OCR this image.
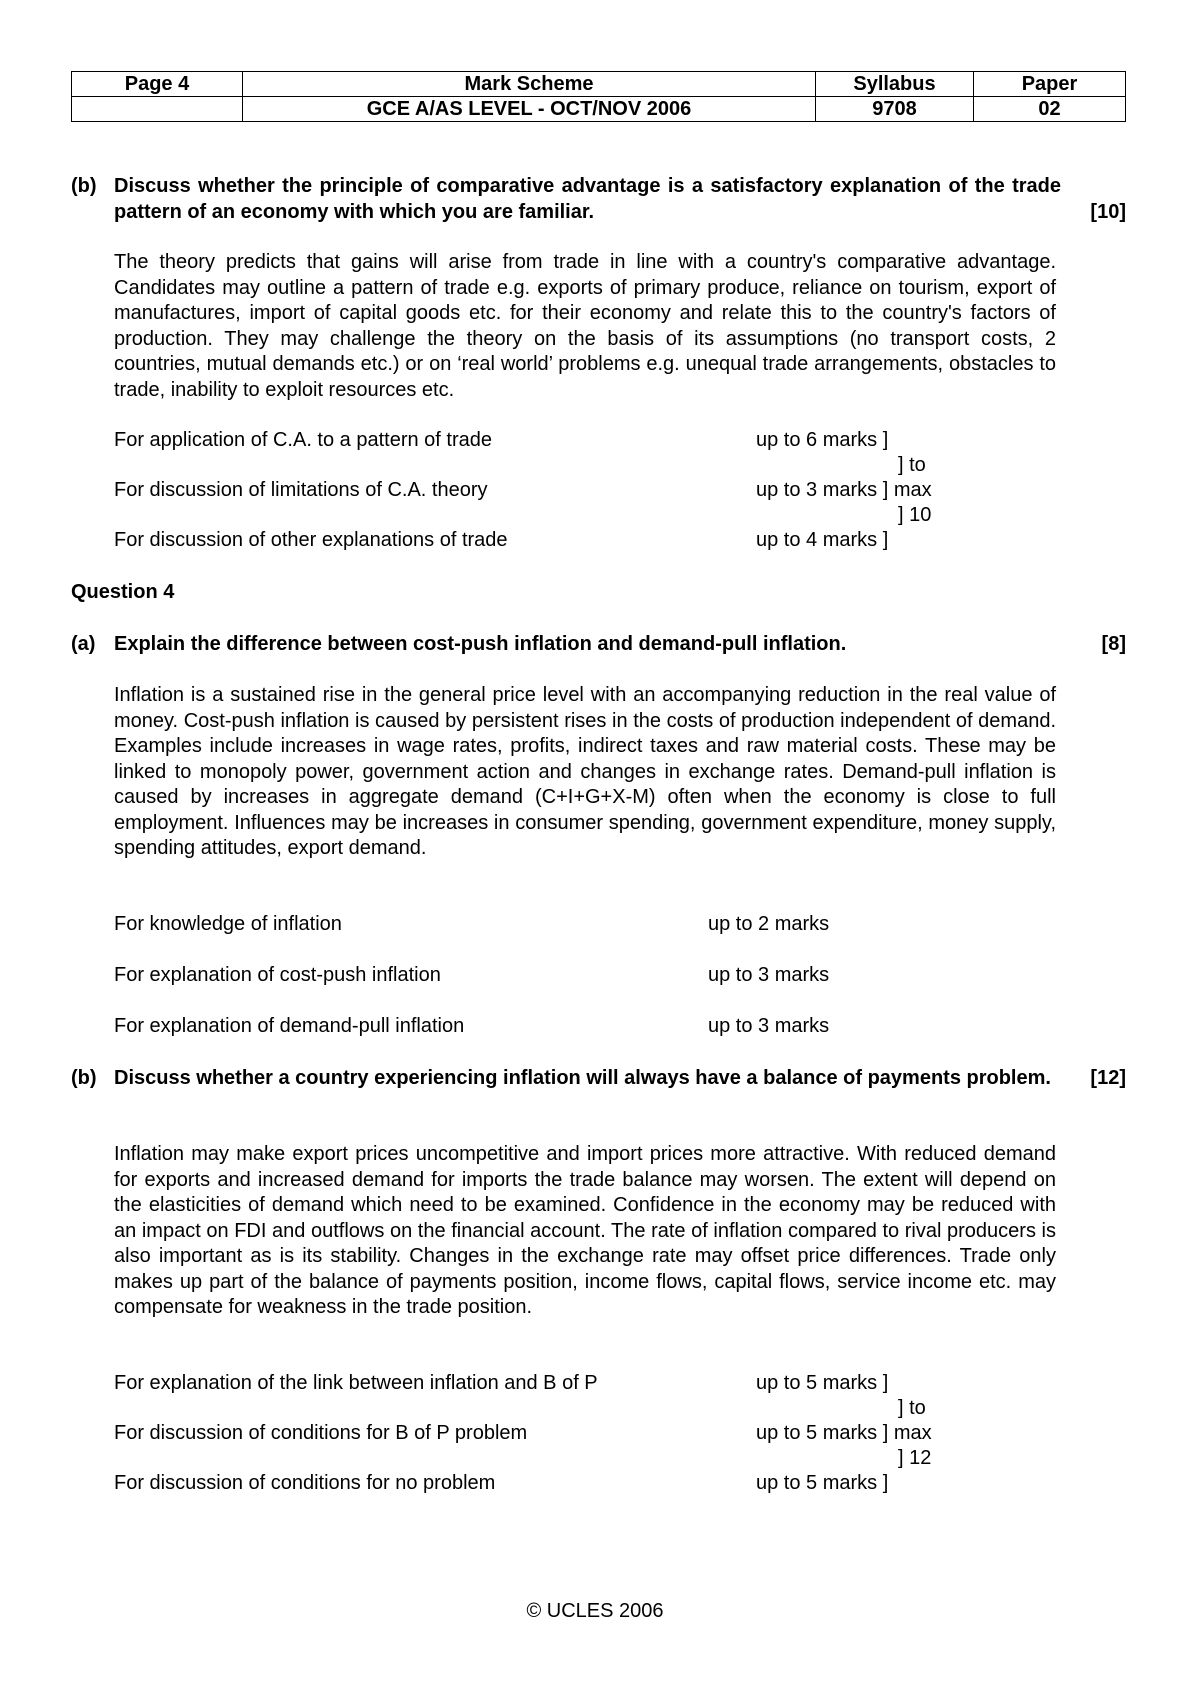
Page 4	Mark Scheme	Syllabus	Paper
	GCE A/AS LEVEL - OCT/NOV 2006	9708	02
(b) Discuss whether the principle of comparative advantage is a satisfactory explanation of the trade pattern of an economy with which you are familiar.	[10]
The theory predicts that gains will arise from trade in line with a country's comparative advantage. Candidates may outline a pattern of trade e.g. exports of primary produce, reliance on tourism, export of manufactures, import of capital goods etc. for their economy and relate this to the country's factors of production. They may challenge the theory on the basis of its assumptions (no transport costs, 2 countries, mutual demands etc.) or on ‘real world’ problems e.g. unequal trade arrangements, obstacles to trade, inability to exploit resources etc.
For application of C.A. to a pattern of trade	up to 6 marks ]
] to
For discussion of limitations of C.A. theory	up to 3 marks ] max
] 10
For discussion of other explanations of trade	up to 4 marks ]
Question 4
(a) Explain the difference between cost-push inflation and demand-pull inflation.	[8]
Inflation is a sustained rise in the general price level with an accompanying reduction in the real value of money. Cost-push inflation is caused by persistent rises in the costs of production independent of demand. Examples include increases in wage rates, profits, indirect taxes and raw material costs. These may be linked to monopoly power, government action and changes in exchange rates. Demand-pull inflation is caused by increases in aggregate demand (C+I+G+X-M) often when the economy is close to full employment. Influences may be increases in consumer spending, government expenditure, money supply, spending attitudes, export demand.
For knowledge of inflation	up to 2 marks
For explanation of cost-push inflation	up to 3 marks
For explanation of demand-pull inflation	up to 3 marks
(b) Discuss whether a country experiencing inflation will always have a balance of payments problem.	[12]
Inflation may make export prices uncompetitive and import prices more attractive. With reduced demand for exports and increased demand for imports the trade balance may worsen. The extent will depend on the elasticities of demand which need to be examined. Confidence in the economy may be reduced with an impact on FDI and outflows on the financial account. The rate of inflation compared to rival producers is also important as is its stability. Changes in the exchange rate may offset price differences. Trade only makes up part of the balance of payments position, income flows, capital flows, service income etc. may compensate for weakness in the trade position.
For explanation of the link between inflation and B of P	up to 5 marks ]
] to
For discussion of conditions for B of P problem	up to 5 marks ] max
] 12
For discussion of conditions for no problem	up to 5 marks ]
© UCLES 2006
